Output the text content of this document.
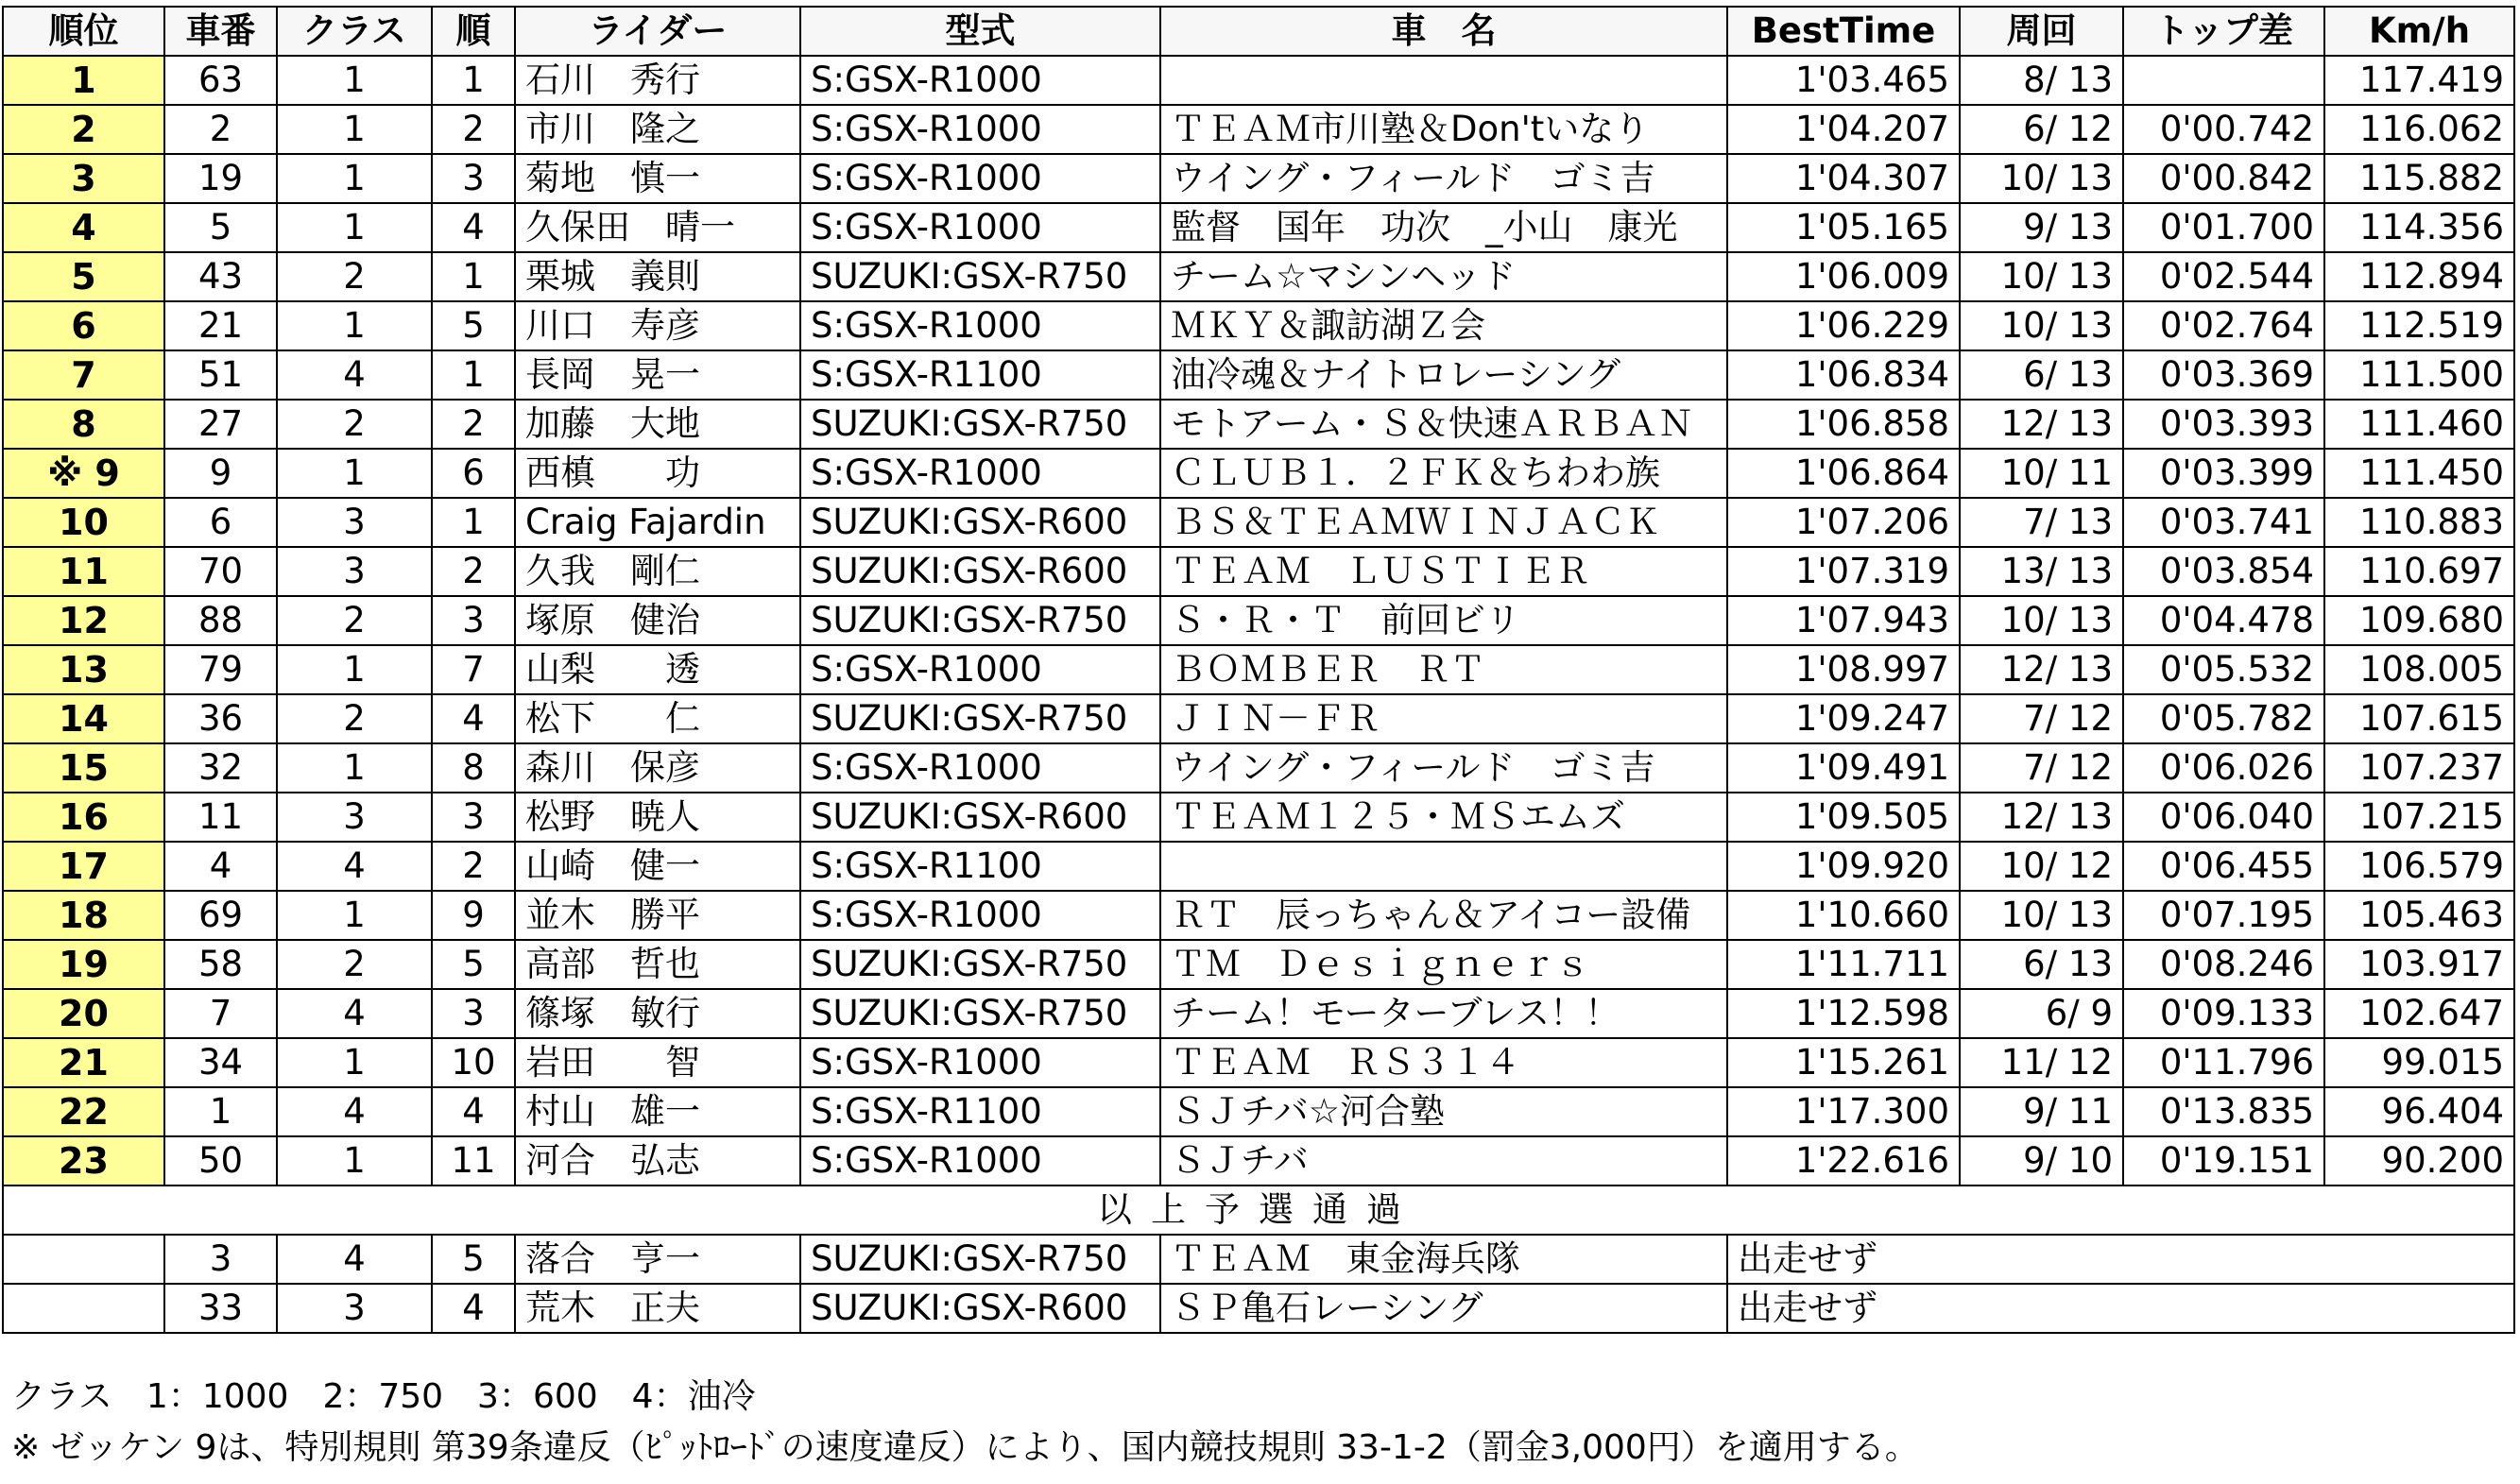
順位	車番	クラス	順	ライダー	型式	車　名	BestTime	周回	トップ差	Km/h
1	63	1	1	石川　秀行	S:GSX-R1000		1'03.465	8/ 13		117.419
2	2	1	2	市川　隆之	S:GSX-R1000	ＴＥＡＭ市川塾＆Don'tいなり	1'04.207	6/ 12	0'00.742	116.062
3	19	1	3	菊地　慎一	S:GSX-R1000	ウイング・フィールド　ゴミ吉	1'04.307	10/ 13	0'00.842	115.882
4	5	1	4	久保田　晴一	S:GSX-R1000	監督　国年　功次　_小山　康光	1'05.165	9/ 13	0'01.700	114.356
5	43	2	1	栗城　義則	SUZUKI:GSX-R750	チーム☆マシンヘッド	1'06.009	10/ 13	0'02.544	112.894
6	21	1	5	川口　寿彦	S:GSX-R1000	ＭＫＹ＆諏訪湖Ｚ会	1'06.229	10/ 13	0'02.764	112.519
7	51	4	1	長岡　晃一	S:GSX-R1100	油冷魂＆ナイトロレーシング	1'06.834	6/ 13	0'03.369	111.500
8	27	2	2	加藤　大地	SUZUKI:GSX-R750	モトアーム・Ｓ＆快速ＡＲＢＡＮ	1'06.858	12/ 13	0'03.393	111.460
※ 9	9	1	6	西槙　　功	S:GSX-R1000	ＣＬＵＢ１．２ＦＫ＆ちわわ族	1'06.864	10/ 11	0'03.399	111.450
10	6	3	1	Craig Fajardin	SUZUKI:GSX-R600	ＢＳ＆ＴＥＡＭＷＩＮＪＡＣＫ	1'07.206	7/ 13	0'03.741	110.883
11	70	3	2	久我　剛仁	SUZUKI:GSX-R600	ＴＥＡＭ　ＬＵＳＴＩＥＲ	1'07.319	13/ 13	0'03.854	110.697
12	88	2	3	塚原　健治	SUZUKI:GSX-R750	Ｓ・Ｒ・Ｔ　前回ビリ	1'07.943	10/ 13	0'04.478	109.680
13	79	1	7	山梨　　透	S:GSX-R1000	ＢＯＭＢＥＲ　ＲＴ	1'08.997	12/ 13	0'05.532	108.005
14	36	2	4	松下　　仁	SUZUKI:GSX-R750	ＪＩＮ－ＦＲ	1'09.247	7/ 12	0'05.782	107.615
15	32	1	8	森川　保彦	S:GSX-R1000	ウイング・フィールド　ゴミ吉	1'09.491	7/ 12	0'06.026	107.237
16	11	3	3	松野　暁人	SUZUKI:GSX-R600	ＴＥＡＭ１２５・ＭＳエムズ	1'09.505	12/ 13	0'06.040	107.215
17	4	4	2	山崎　健一	S:GSX-R1100		1'09.920	10/ 12	0'06.455	106.579
18	69	1	9	並木　勝平	S:GSX-R1000	ＲＴ　辰っちゃん＆アイコー設備	1'10.660	10/ 13	0'07.195	105.463
19	58	2	5	高部　哲也	SUZUKI:GSX-R750	ＴＭ　Ｄｅｓｉｇｎｅｒｓ	1'11.711	6/ 13	0'08.246	103.917
20	7	4	3	篠塚　敏行	SUZUKI:GSX-R750	チーム！モーターブレス！！	1'12.598	6/ 9	0'09.133	102.647
21	34	1	10	岩田　　智	S:GSX-R1000	ＴＥＡＭ　ＲＳ３１４	1'15.261	11/ 12	0'11.796	99.015
22	1	4	4	村山　雄一	S:GSX-R1100	ＳＪチバ☆河合塾	1'17.300	9/ 11	0'13.835	96.404
23	50	1	11	河合　弘志	S:GSX-R1000	ＳＪチバ	1'22.616	9/ 10	0'19.151	90.200
以上予選通過										
	3	4	5	落合　亨一	SUZUKI:GSX-R750	ＴＥＡＭ　東金海兵隊	出走せず			
	33	3	4	荒木　正夫	SUZUKI:GSX-R600	ＳＰ亀石レーシング	出走せず			
クラス　1：1000　2：750　3：600　4：油冷
※ ゼッケン 9は、特別規則 第39条違反（ﾋﾟｯﾄﾛｰﾄﾞの速度違反）により、国内競技規則 33-1-2（罰金3,000円）を適用する。
